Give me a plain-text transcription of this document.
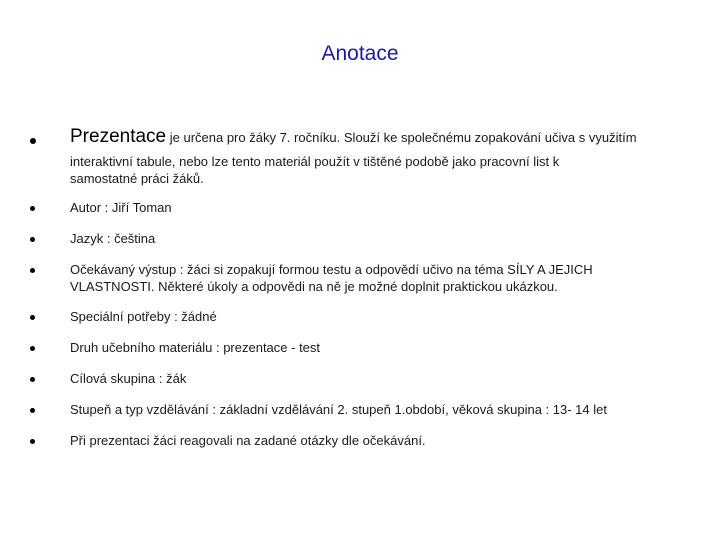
Anotace
Prezentace je určena pro žáky 7. ročníku. Slouží ke společnému zopakování učiva s využitím
interaktivní tabule, nebo lze tento materiál použít v tištěné podobě jako pracovní list k
samostatné práci žáků.
Autor : Jiří Toman
Jazyk : čeština
Očekávaný výstup : žáci si zopakují formou testu a odpovědí učivo na téma SÍLY A JEJICH
VLASTNOSTI. Některé úkoly a odpovědi na ně je možné doplnit praktickou ukázkou.
Speciální potřeby : žádné
Druh učebního materiálu : prezentace - test
Cílová skupina : žák
Stupeň a typ vzdělávání : základní vzdělávání 2. stupeň 1.období, věková skupina : 13- 14 let
Při prezentaci žáci reagovali na zadané otázky dle očekávání.
